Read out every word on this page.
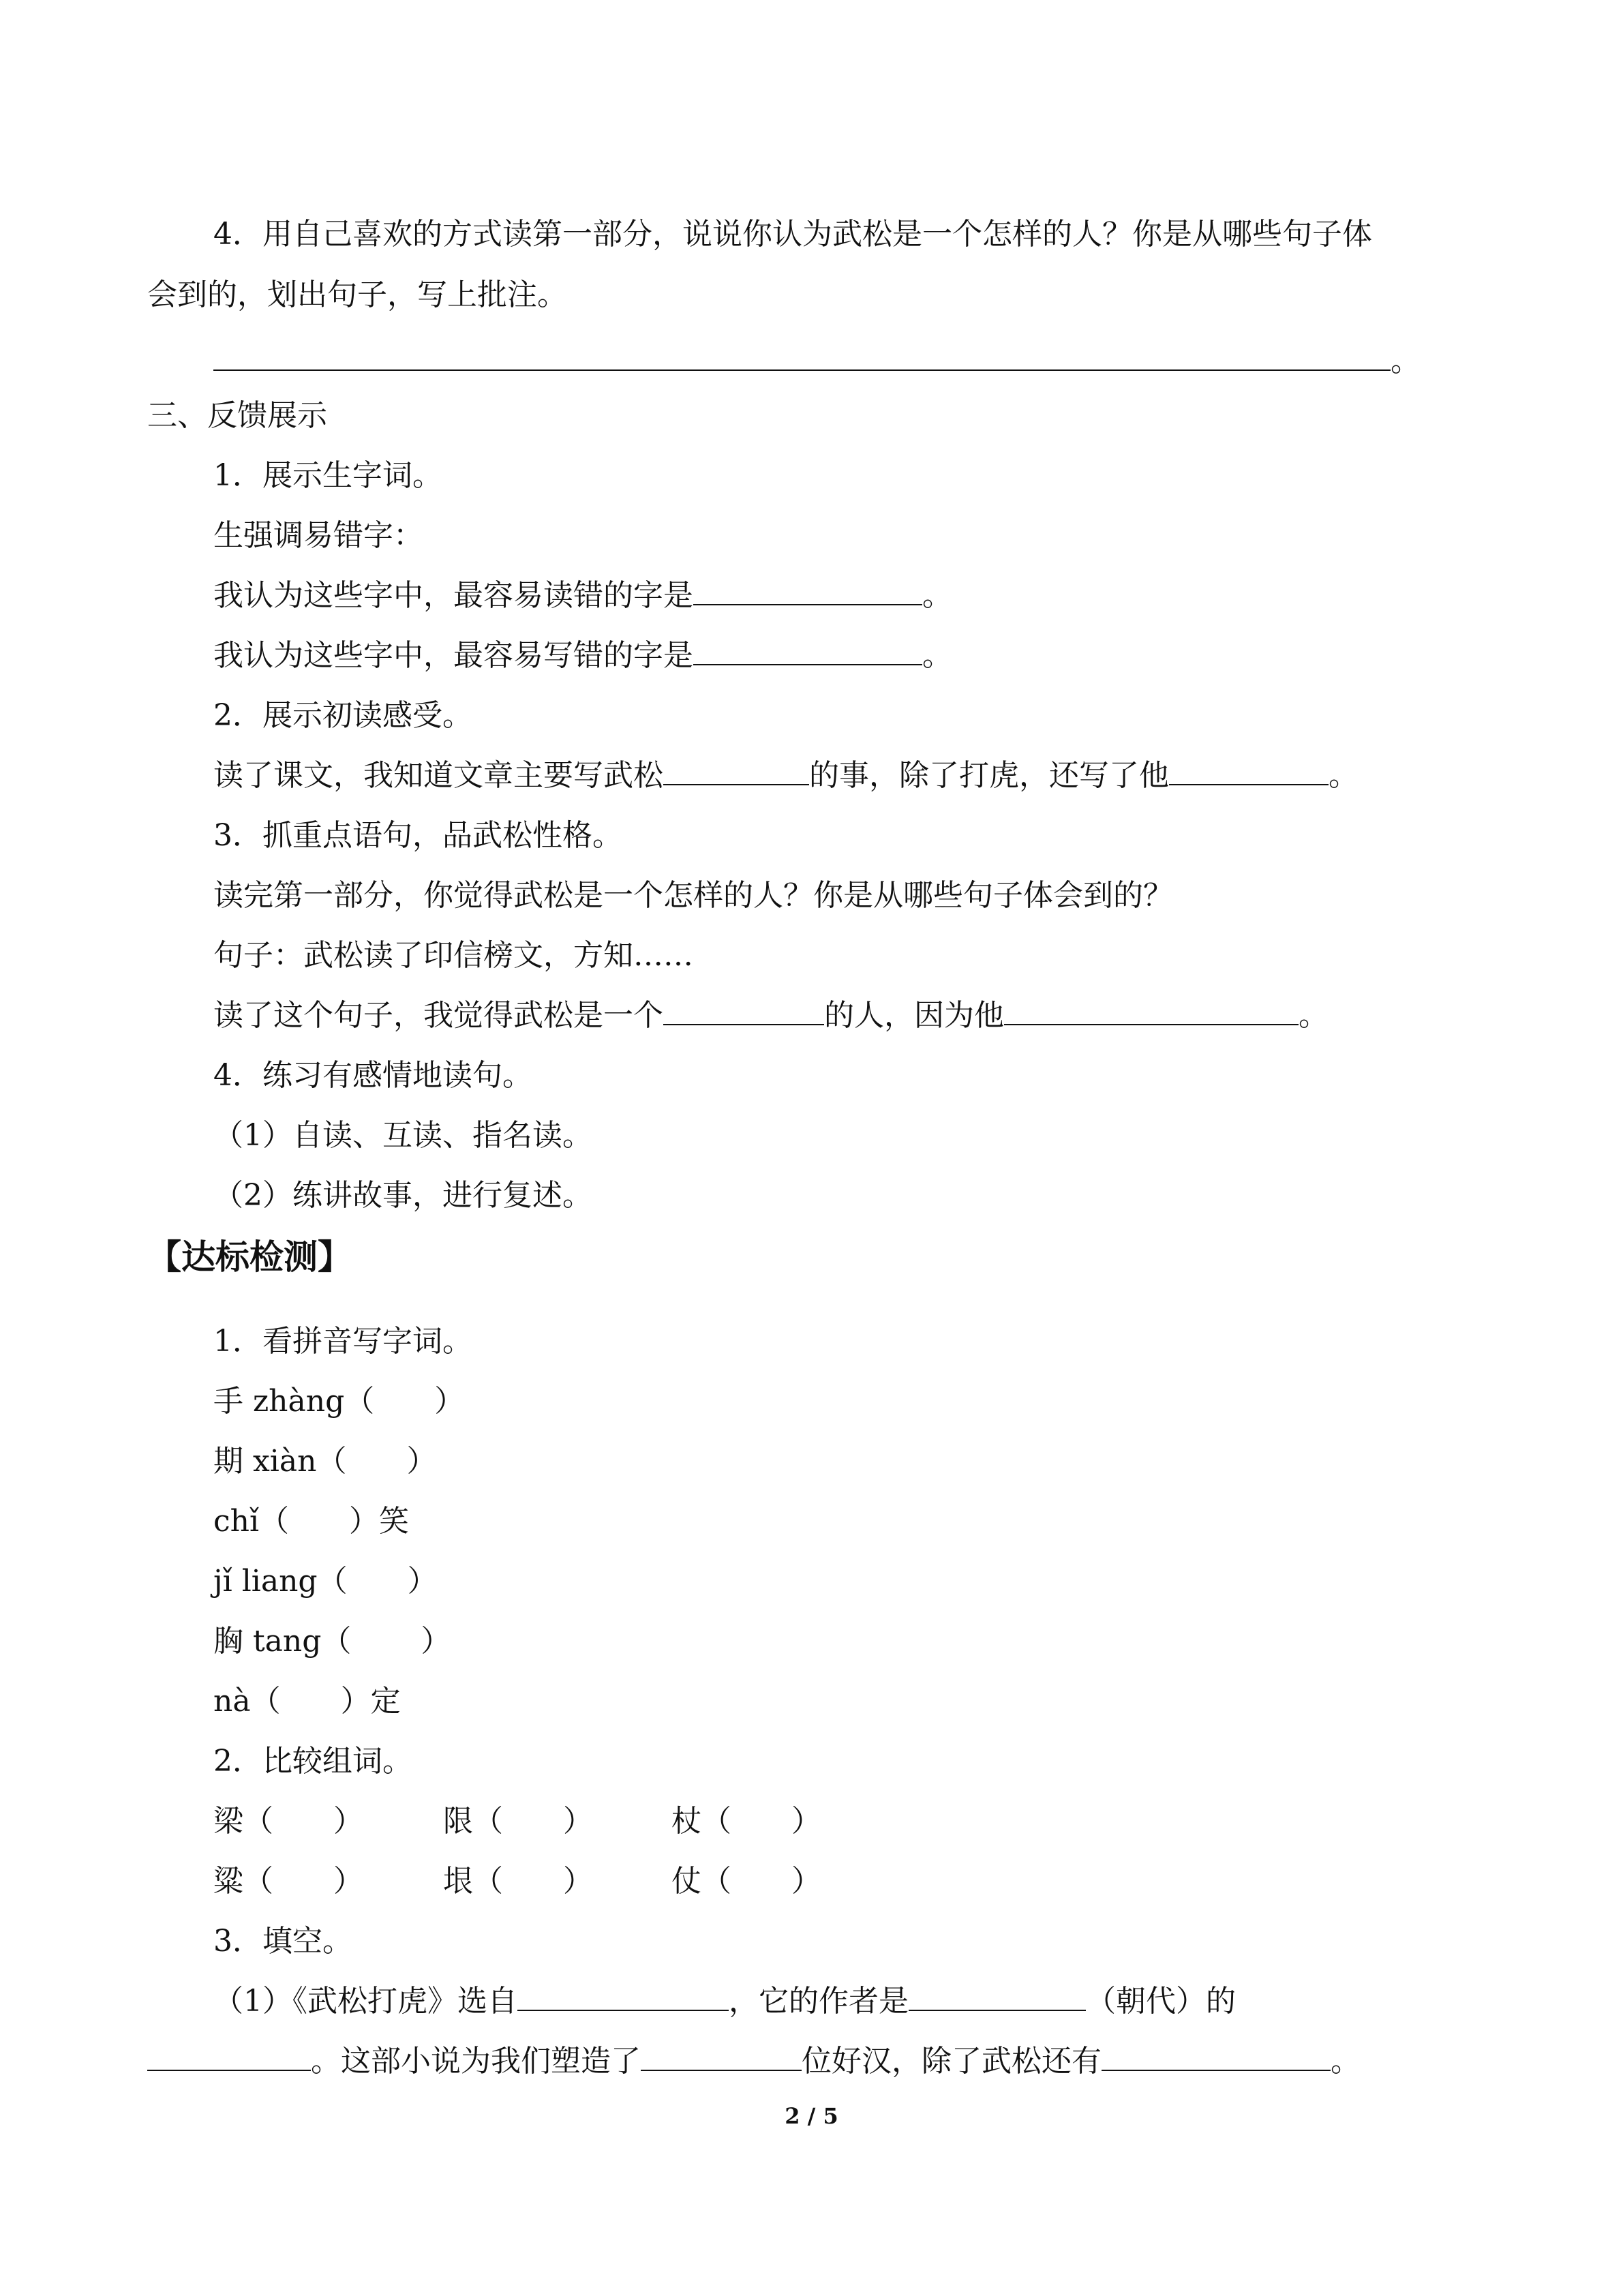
4．用自己喜欢的方式读第一部分，说说你认为武松是一个怎样的人？你是从哪些句子体
会到的，划出句子，写上批注。
。
三、反馈展示
1．展示生字词。
生强调易错字：
我认为这些字中，最容易读错的字是	。
我认为这些字中，最容易写错的字是	。
2．展示初读感受。
读了课文，我知道文章主要写武松	的事，除了打虎，还写了他	。
3．抓重点语句，品武松性格。
读完第一部分，你觉得武松是一个怎样的人？你是从哪些句子体会到的？
句子：武松读了印信榜文，方知……
读了这个句子，我觉得武松是一个	的人，因为他	。
4．练习有感情地读句。
（1）自读、互读、指名读。
（2）练讲故事，进行复述。
【达标检测】
1．看拼音写字词。
手 zhàng（　　）
期 xiàn（　　）
chǐ（　　）笑
jǐ liang（　　）
胸 tang（　　 ）
nà（　　）定
2．比较组词。
梁（　　）	限（　　）	杖（　　）
粱（　　）	垠（　　）	仗（　　）
3．填空。
（1）《武松打虎》选自	，它的作者是	（朝代）的
。这部小说为我们塑造了	位好汉，除了武松还有	。
2 / 5
